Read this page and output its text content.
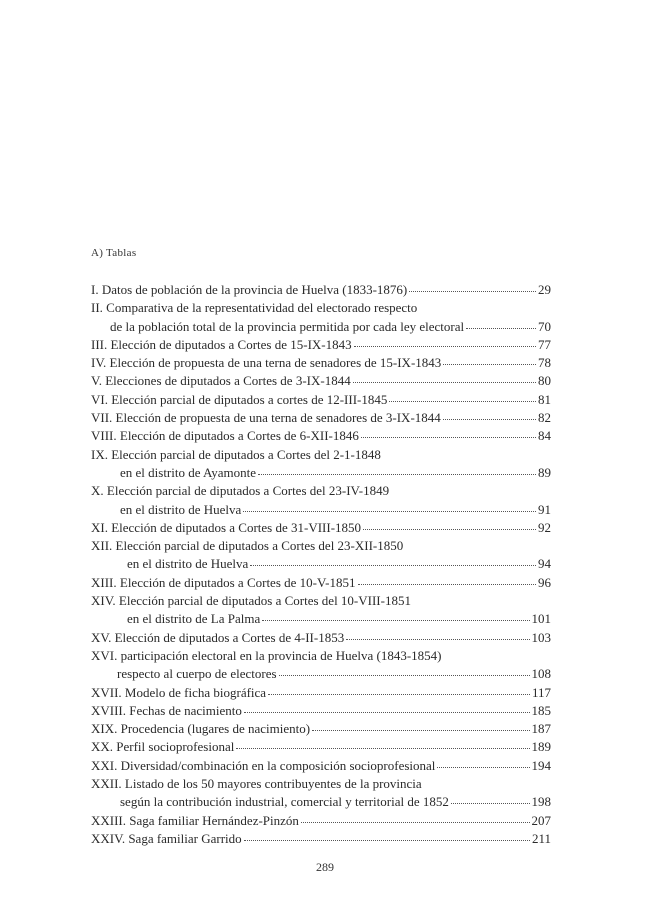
A) Tablas
I. Datos de población de la provincia de Huelva (1833-1876)	29
II. Comparativa de la representatividad del electorado respecto
de la población total de la provincia permitida por cada ley electoral	70
III. Elección de diputados a Cortes de 15-IX-1843	77
IV. Elección de propuesta de una terna de senadores de 15-IX-1843	78
V. Elecciones de diputados a Cortes de 3-IX-1844	80
VI. Elección parcial de diputados a cortes de 12-III-1845	81
VII. Elección de propuesta de una terna de senadores de 3-IX-1844	82
VIII. Elección de diputados a Cortes de 6-XII-1846	84
IX. Elección parcial de diputados a Cortes del 2-1-1848
en el distrito de Ayamonte	89
X. Elección parcial de diputados a Cortes del 23-IV-1849
en el distrito de Huelva	91
XI. Elección de diputados a Cortes de 31-VIII-1850	92
XII. Elección parcial de diputados a Cortes del 23-XII-1850
en el distrito de Huelva	94
XIII. Elección de diputados a Cortes de 10-V-1851	96
XIV. Elección parcial de diputados a Cortes del 10-VIII-1851
en el distrito de La Palma	101
XV. Elección de diputados a Cortes de 4-II-1853	103
XVI. participación electoral en la provincia de Huelva (1843-1854)
respecto al cuerpo de electores	108
XVII. Modelo de ficha biográfica	117
XVIII. Fechas de nacimiento	185
XIX. Procedencia (lugares de nacimiento)	187
XX. Perfil socioprofesional	189
XXI. Diversidad/combinación en la composición socioprofesional	194
XXII. Listado de los 50 mayores contribuyentes de la provincia
según la contribución industrial, comercial y territorial de 1852	198
XXIII. Saga familiar Hernández-Pinzón	207
XXIV. Saga familiar Garrido	211
289
